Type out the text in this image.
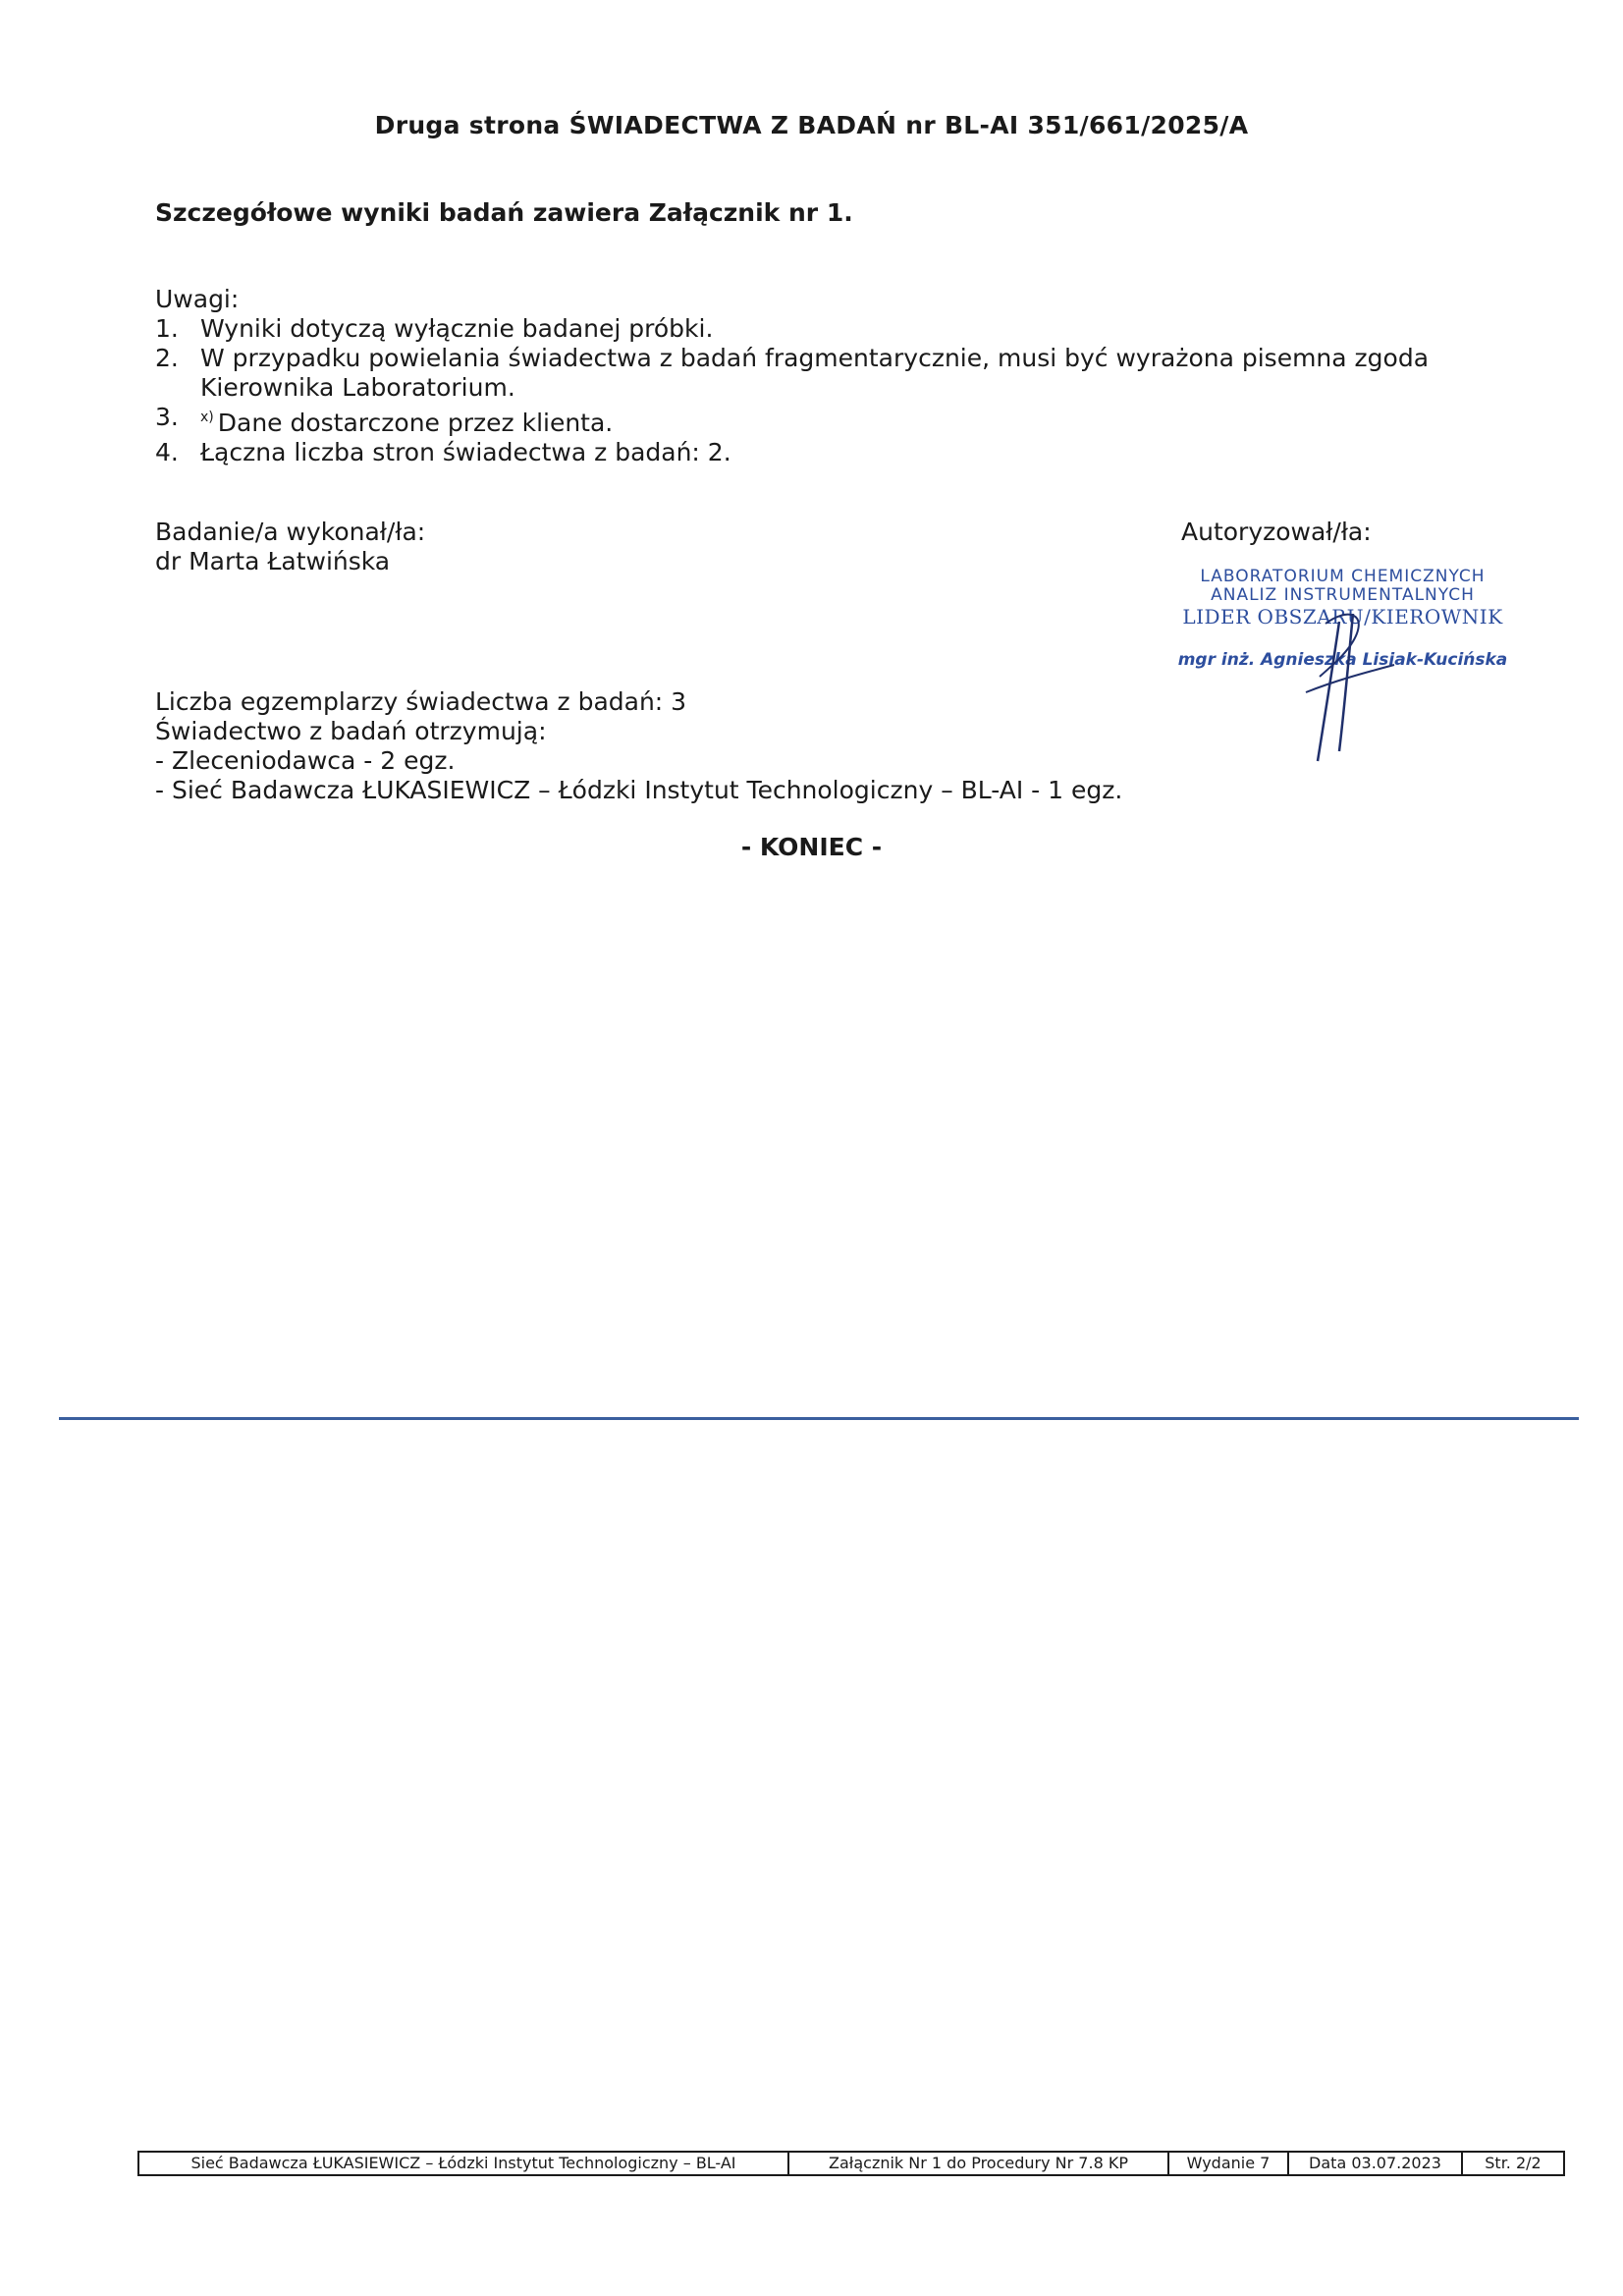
Druga strona ŚWIADECTWA Z BADAŃ nr BL-AI 351/661/2025/A

Szczegółowe wyniki badań zawiera Załącznik nr 1.

Uwagi:

1. Wyniki dotyczą wyłącznie badanej próbki.
2. W przypadku powielania świadectwa z badań fragmentarycznie, musi być wyrażona pisemna zgoda Kierownika Laboratorium.
3.	$^{x)}$ Dane dostarczone przez klienta.
4. Łączna liczba stron świadectwa z badań: 2.

Badanie/a wykonał/ła:

dr Marta Łatwińska

Autoryzował/ła:

LABORATORIUM CHEMICZNYCH
ANALIZ INSTRUMENTALNYCH
LIDER OBSZARU/KIEROWNIK
mgr inż. Agnieszka Lisiak-Kucińska

Liczba egzemplarzy świadectwa z badań: 3

Świadectwo z badań otrzymują:

- Zleceniodawca - 2 egz.

- Sieć Badawcza ŁUKASIEWICZ – Łódzki Instytut Technologiczny – BL-AI - 1 egz.

- KONIEC -

Sieć Badawcza ŁUKASIEWICZ – Łódzki Instytut Technologiczny – BL-AI	Załącznik Nr 1 do Procedury Nr 7.8 KP	Wydanie 7	Data 03.07.2023	Str. 2/2
